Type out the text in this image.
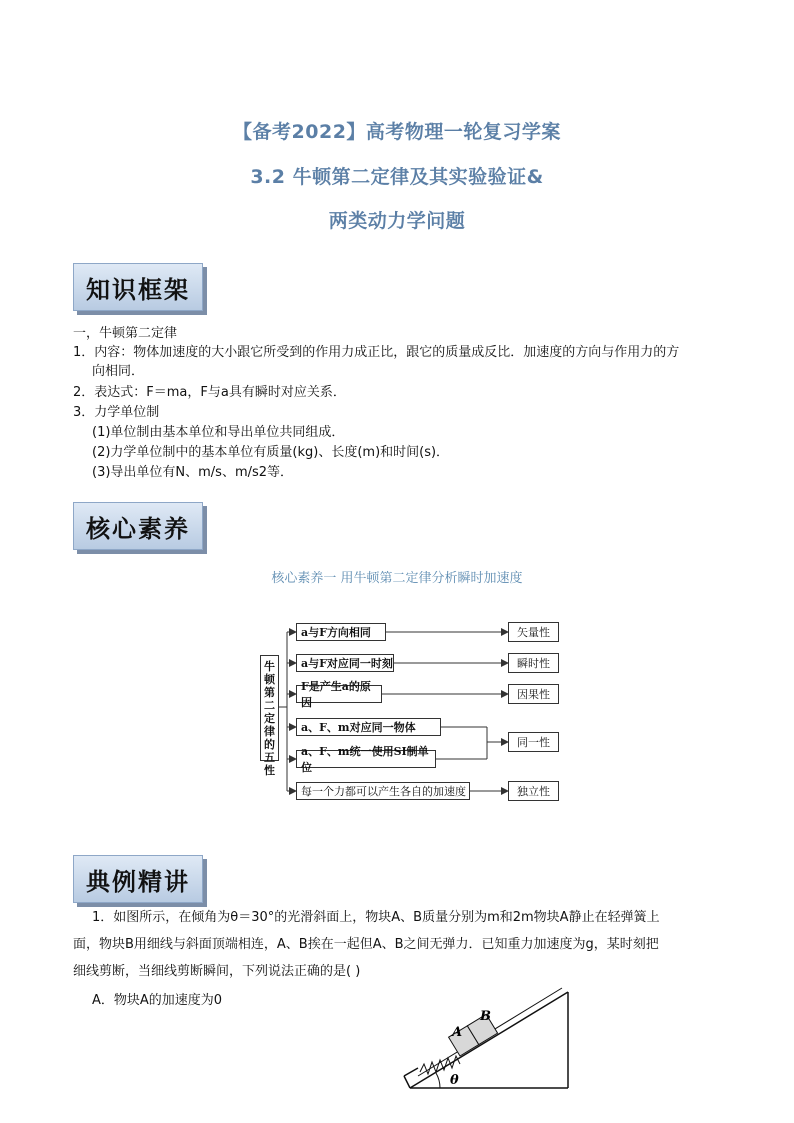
【备考2022】高考物理一轮复习学案
3.2 牛顿第二定律及其实验验证&
两类动力学问题
知识框架
一，牛顿第二定律
1．内容：物体加速度的大小跟它所受到的作用力成正比，跟它的质量成反比．加速度的方向与作用力的方
向相同．
2．表达式：F＝ma，F与a具有瞬时对应关系．
3．力学单位制
(1)单位制由基本单位和导出单位共同组成．
(2)力学单位制中的基本单位有质量(kg)、长度(m)和时间(s)．
(3)导出单位有N、m/s、m/s2等．
核心素养
核心素养一 用牛顿第二定律分析瞬时加速度
牛
顿
第
二
定
律
的
五
性
a与F方向相同
a与F对应同一时刻
F是产生a的原因
a、F、m对应同一物体
a、F、m统一使用SI制单位
每一个力都可以产生各自的加速度
矢量性
瞬时性
因果性
同一性
独立性
典例精讲
1．如图所示，在倾角为θ＝30°的光滑斜面上，物块A、B质量分别为m和2m物块A静止在轻弹簧上
面，物块B用细线与斜面顶端相连，A、B挨在一起但A、B之间无弹力．已知重力加速度为g，某时刻把
细线剪断，当细线剪断瞬间，下列说法正确的是( )
A．物块A的加速度为0
A
B
θ
